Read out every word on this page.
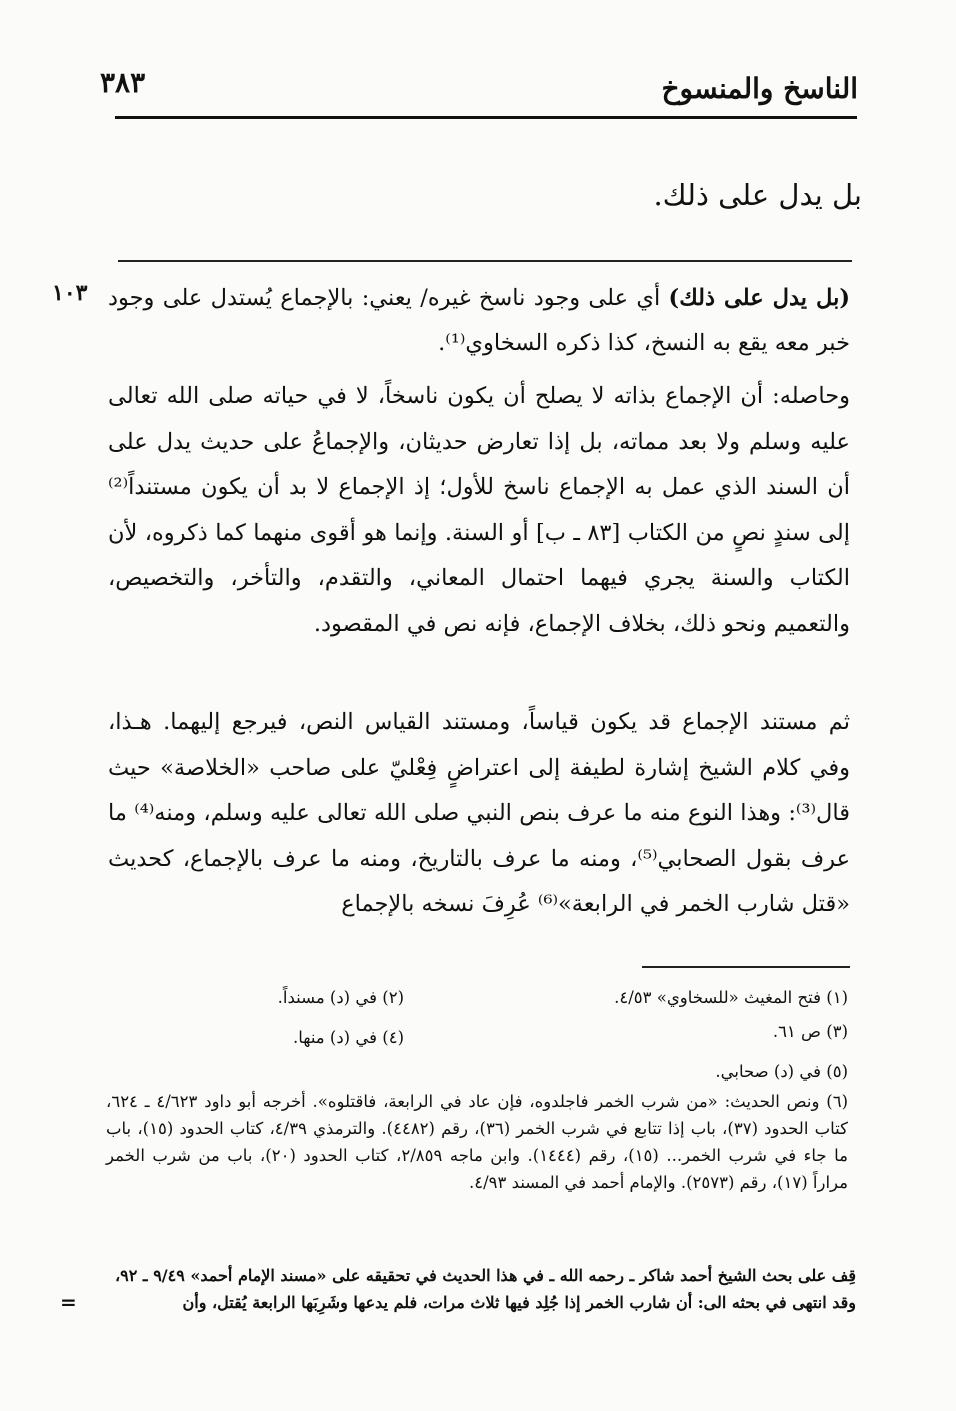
الناسخ والمنسوخ
٣٨٣
بل يدل على ذلك.
١٠٣	(بل يدل على ذلك) أي على وجود ناسخ غيره/ يعني: بالإجماع يُستدل على وجود خبر معه يقع به النسخ، كذا ذكره السخاوي⁽¹⁾.
وحاصله: أن الإجماع بذاته لا يصلح أن يكون ناسخاً، لا في حياته صلى الله تعالى عليه وسلم ولا بعد مماته، بل إذا تعارض حديثان، والإجماعُ على حديث يدل على أن السند الذي عمل به الإجماع ناسخ للأول؛ إذ الإجماع لا بد أن يكون مستنداً⁽²⁾ إلى سندٍ نصٍ من الكتاب [٨٣ ـ ب] أو السنة. وإنما هو أقوى منهما كما ذكروه، لأن الكتاب والسنة يجري فيهما احتمال المعاني، والتقدم، والتأخر، والتخصيص، والتعميم ونحو ذلك، بخلاف الإجماع، فإنه نص في المقصود.
ثم مستند الإجماع قد يكون قياساً، ومستند القياس النص، فيرجع إليهما. هـذا، وفي كلام الشيخ إشارة لطيفة إلى اعتراضٍ فِعْليّ على صاحب «الخلاصة» حيث قال⁽³⁾: وهذا النوع منه ما عرف بنص النبي صلى الله تعالى عليه وسلم، ومنه⁽⁴⁾ ما عرف بقول الصحابي⁽⁵⁾، ومنه ما عرف بالتاريخ، ومنه ما عرف بالإجماع، كحديث «قتل شارب الخمر في الرابعة»⁽⁶⁾ عُرِفَ نسخه بالإجماع
(١) فتح المغيث «للسخاوي» ٤/٥٣.
(٢) في (د) مسنداً.
(٣) ص ٦١.
(٤) في (د) منها.
(٥) في (د) صحابي.
(٦) ونص الحديث: «من شرب الخمر فاجلدوه، فإن عاد في الرابعة، فاقتلوه». أخرجه أبو داود ٤/٦٢٣ ـ ٦٢٤، كتاب الحدود (٣٧)، باب إذا تتابع في شرب الخمر (٣٦)، رقم (٤٤٨٢). والترمذي ٤/٣٩، كتاب الحدود (١٥)، باب ما جاء في شرب الخمر... (١٥)، رقم (١٤٤٤). وابن ماجه ٢/٨٥٩، كتاب الحدود (٢٠)، باب من شرب الخمر مراراً (١٧)، رقم (٢٥٧٣). والإمام أحمد في المسند ٤/٩٣.
قِف على بحث الشيخ أحمد شاكر ـ رحمه الله ـ في هذا الحديث في تحقيقه على «مسند الإمام أحمد» ٩/٤٩ ـ ٩٢، وقد انتهى في بحثه الى: أن شارب الخمر إذا جُلِد فيها ثلاث مرات، فلم يدعها وشَرِبَها الرابعة يُقتل، وأن
=
